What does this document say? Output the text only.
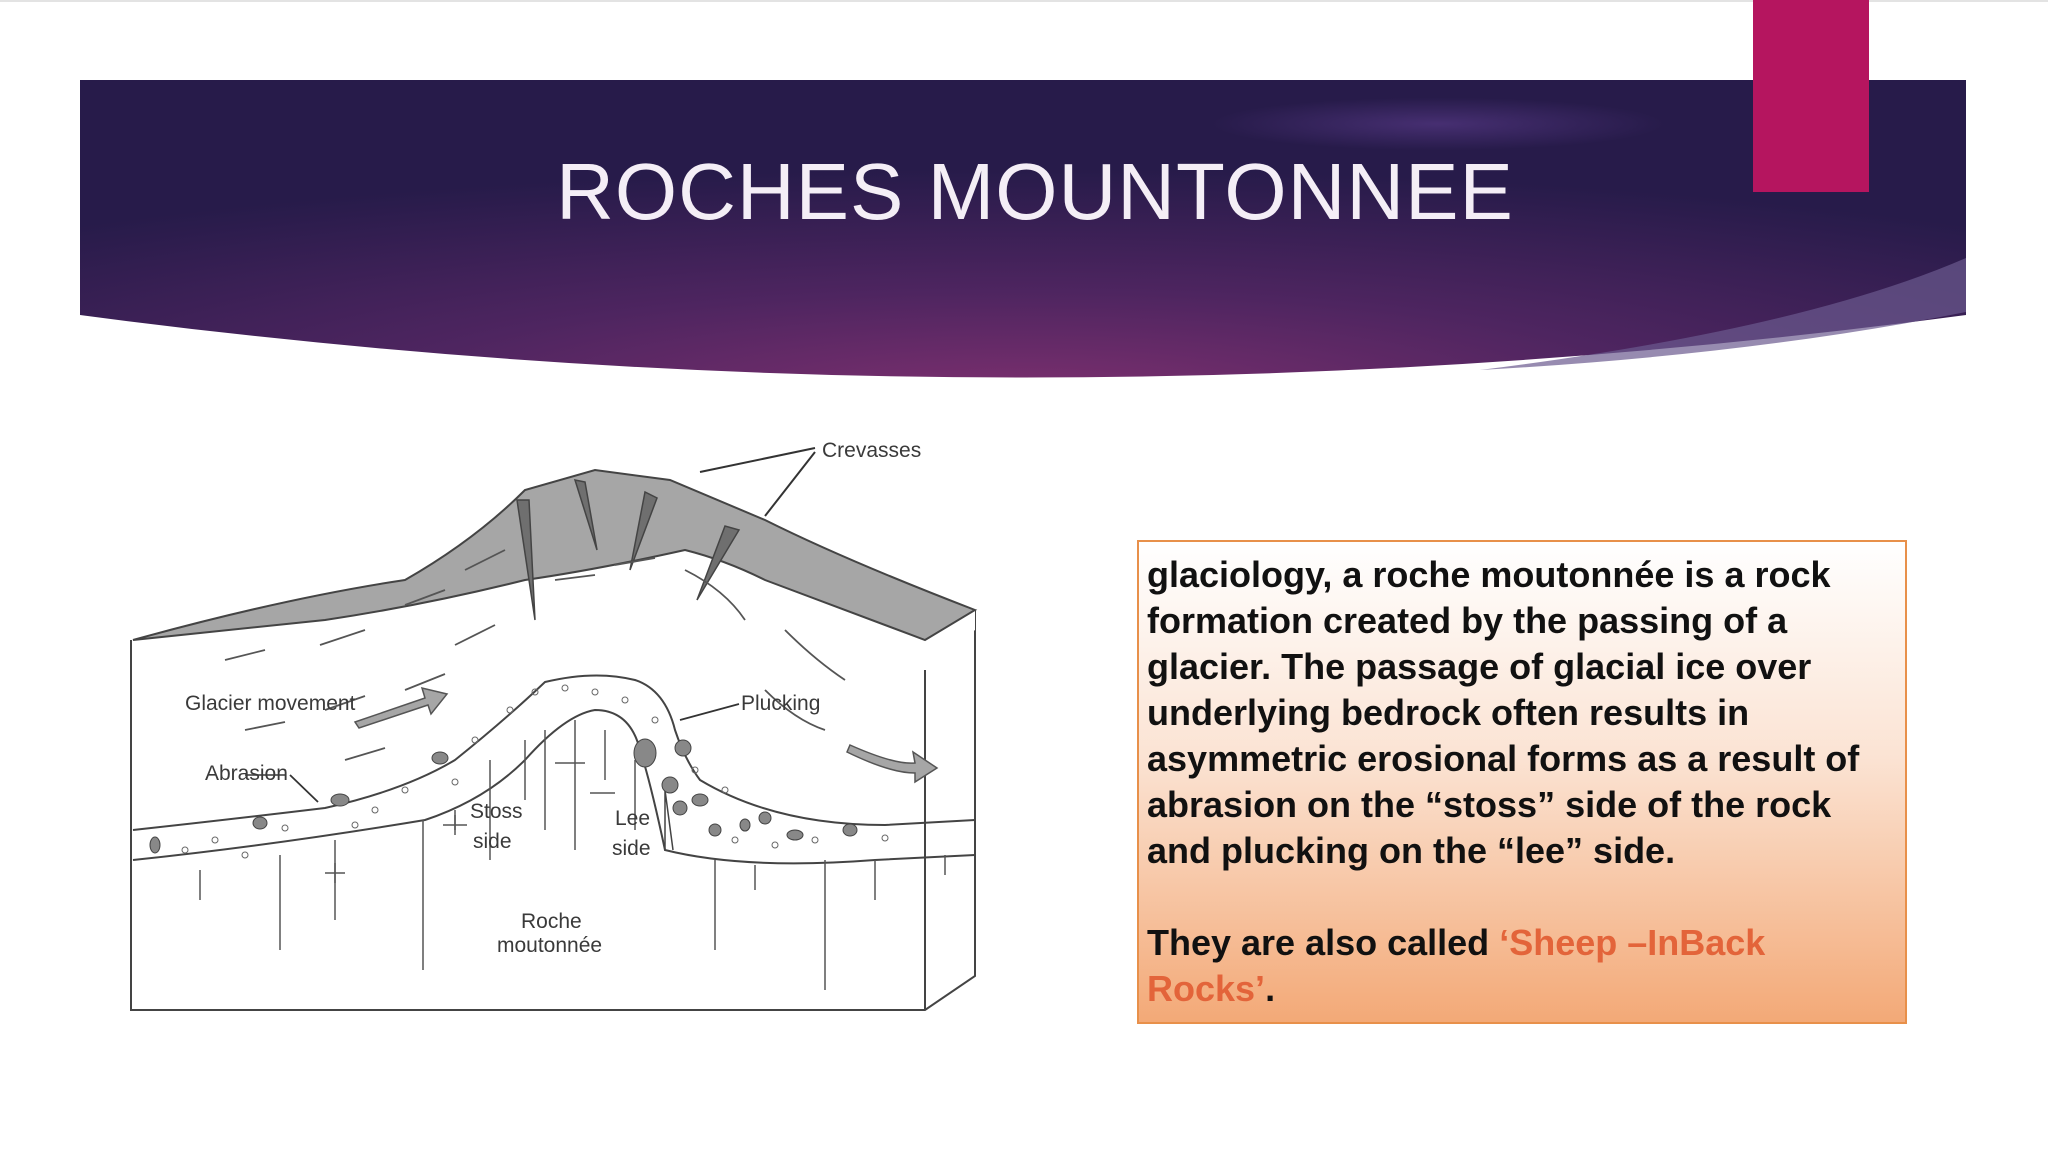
ROCHES MOUNTONNEE
Crevasses
Glacier movement
Abrasion
Plucking
Stoss
side
Lee
side
Roche
moutonnée

glaciology, a roche moutonnée is a rock formation created by the passing of a glacier. The passage of glacial ice over underlying bedrock often results in asymmetric erosional forms as a result of abrasion on the “stoss” side of the rock and plucking on the “lee” side.

They are also called ‘Sheep –InBack Rocks’.
